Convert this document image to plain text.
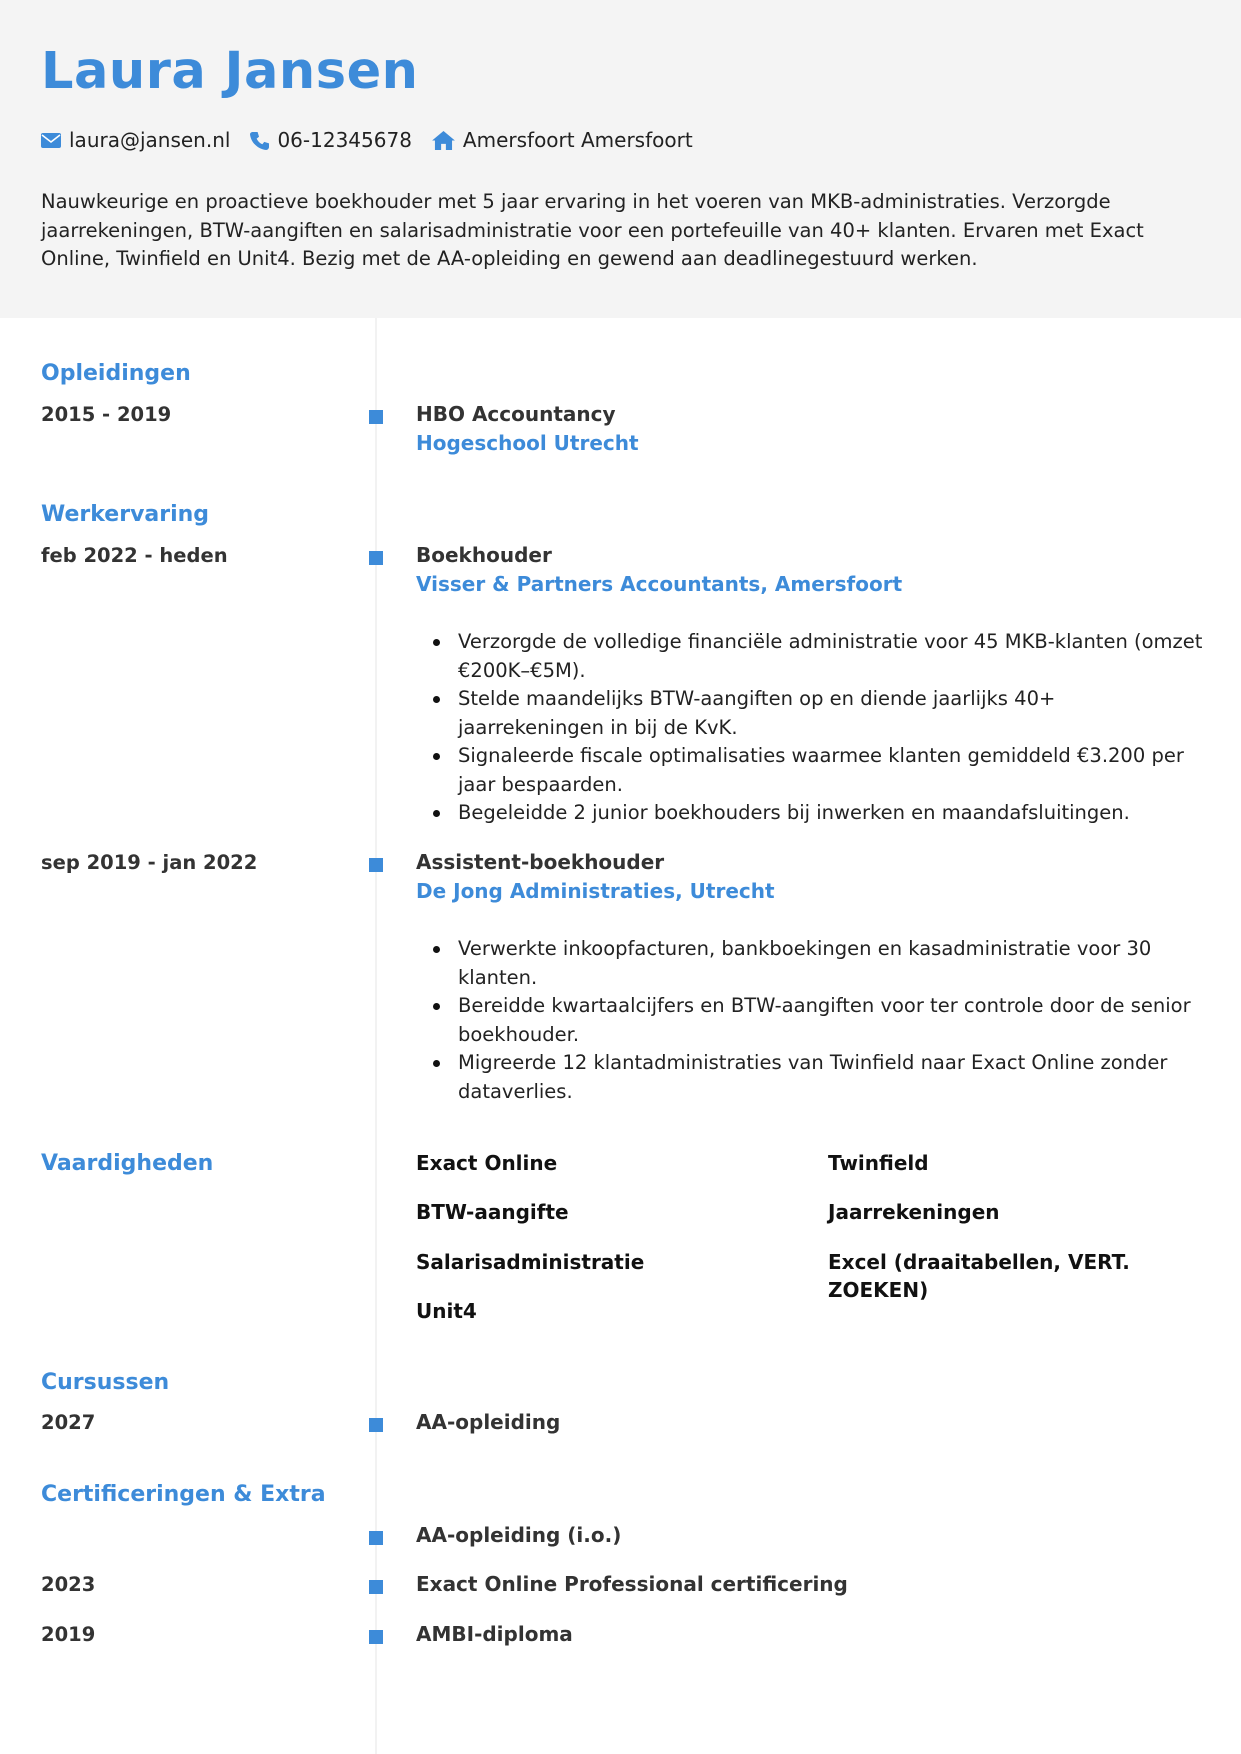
Laura Jansen
laura@jansen.nl 06-12345678	Amersfoort Amersfoort
Nauwkeurige en proactieve boekhouder met 5 jaar ervaring in het voeren van MKB-administraties. Verzorgde jaarrekeningen, BTW-aangiften en salarisadministratie voor een portefeuille van 40+ klanten. Ervaren met Exact Online, Twinfield en Unit4. Bezig met de AA-opleiding en gewend aan deadlinegestuurd werken.
Opleidingen
2015 - 2019	HBO Accountancy
Hogeschool Utrecht
Werkervaring
feb 2022 - heden	Boekhouder
Visser & Partners Accountants, Amersfoort
Verzorgde de volledige financiële administratie voor 45 MKB-klanten (omzet €200K–€5M).
Stelde maandelijks BTW-aangiften op en diende jaarlijks 40+ jaarrekeningen in bij de KvK.
Signaleerde fiscale optimalisaties waarmee klanten gemiddeld €3.200 per jaar bespaarden.
Begeleidde 2 junior boekhouders bij inwerken en maandafsluitingen.
sep 2019 - jan 2022	Assistent-boekhouder
De Jong Administraties, Utrecht
Verwerkte inkoopfacturen, bankboekingen en kasadministratie voor 30 klanten.
Bereidde kwartaalcijfers en BTW-aangiften voor ter controle door de senior boekhouder.
Migreerde 12 klantadministraties van Twinfield naar Exact Online zonder dataverlies.
Vaardigheden	Exact Online	Twinfield
BTW-aangifte	Jaarrekeningen
Salarisadministratie	Excel (draaitabellen, VERT. ZOEKEN)
Unit4
Cursussen
2027	AA-opleiding
Certificeringen & Extra
AA-opleiding (i.o.)
2023	Exact Online Professional certificering
2019	AMBI-diploma
